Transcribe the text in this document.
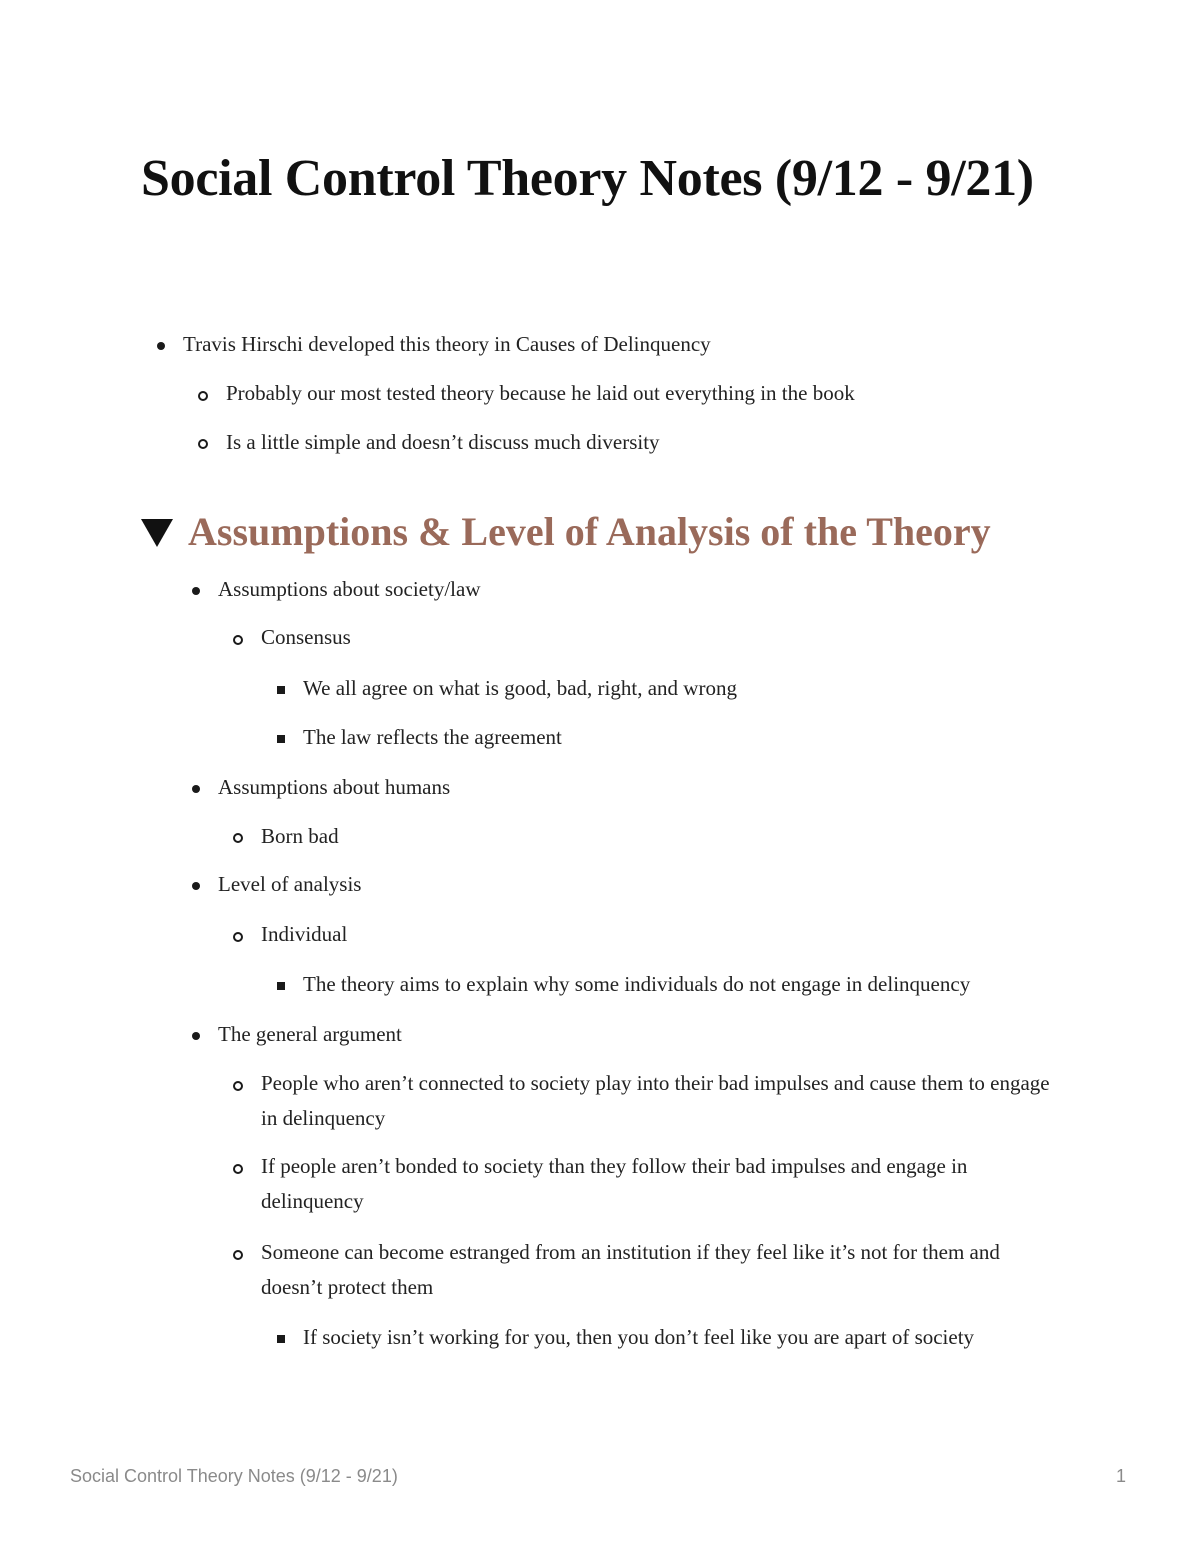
Social Control Theory Notes (9/12 - 9/21)
Travis Hirschi developed this theory in Causes of Delinquency
Probably our most tested theory because he laid out everything in the book
Is a little simple and doesn’t discuss much diversity
Assumptions & Level of Analysis of the Theory
Assumptions about society/law
Consensus
We all agree on what is good, bad, right, and wrong
The law reflects the agreement
Assumptions about humans
Born bad
Level of analysis
Individual
The theory aims to explain why some individuals do not engage in delinquency
The general argument
People who aren’t connected to society play into their bad impulses and cause them to engage in delinquency
If people aren’t bonded to society than they follow their bad impulses and engage in delinquency
Someone can become estranged from an institution if they feel like it’s not for them and doesn’t protect them
If society isn’t working for you, then you don’t feel like you are apart of society
Social Control Theory Notes (9/12 - 9/21)	1
